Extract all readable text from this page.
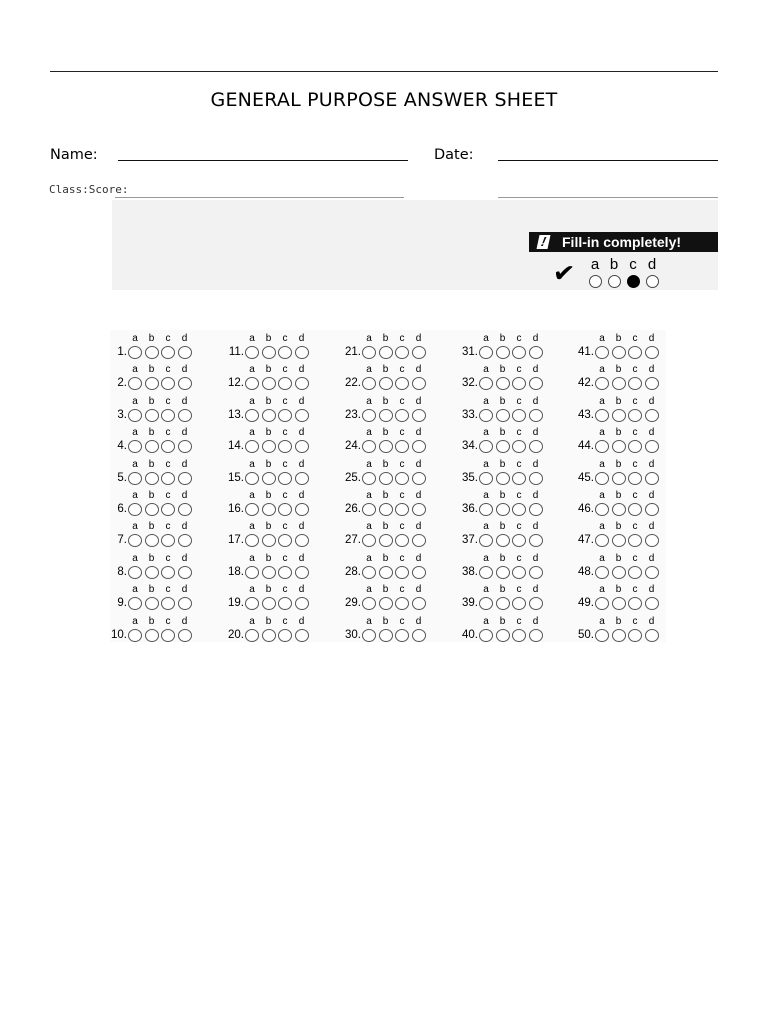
GENERAL PURPOSE ANSWER SHEET
Name:	Date:
Class:Score:
! Fill-in completely!
✔ a b c d
a	b	c	d
1.
a	b	c	d
2.
a	b	c	d
3.
a	b	c	d
4.
a	b	c	d
5.
a	b	c	d
6.
a	b	c	d
7.
a	b	c	d
8.
a	b	c	d
9.
a	b	c	d
10.
a	b	c	d
11.
a	b	c	d
12.
a	b	c	d
13.
a	b	c	d
14.
a	b	c	d
15.
a	b	c	d
16.
a	b	c	d
17.
a	b	c	d
18.
a	b	c	d
19.
a	b	c	d
20.
a	b	c	d
21.
a	b	c	d
22.
a	b	c	d
23.
a	b	c	d
24.
a	b	c	d
25.
a	b	c	d
26.
a	b	c	d
27.
a	b	c	d
28.
a	b	c	d
29.
a	b	c	d
30.
a	b	c	d
31.
a	b	c	d
32.
a	b	c	d
33.
a	b	c	d
34.
a	b	c	d
35.
a	b	c	d
36.
a	b	c	d
37.
a	b	c	d
38.
a	b	c	d
39.
a	b	c	d
40.
a	b	c	d
41.
a	b	c	d
42.
a	b	c	d
43.
a	b	c	d
44.
a	b	c	d
45.
a	b	c	d
46.
a	b	c	d
47.
a	b	c	d
48.
a	b	c	d
49.
a	b	c	d
50.
